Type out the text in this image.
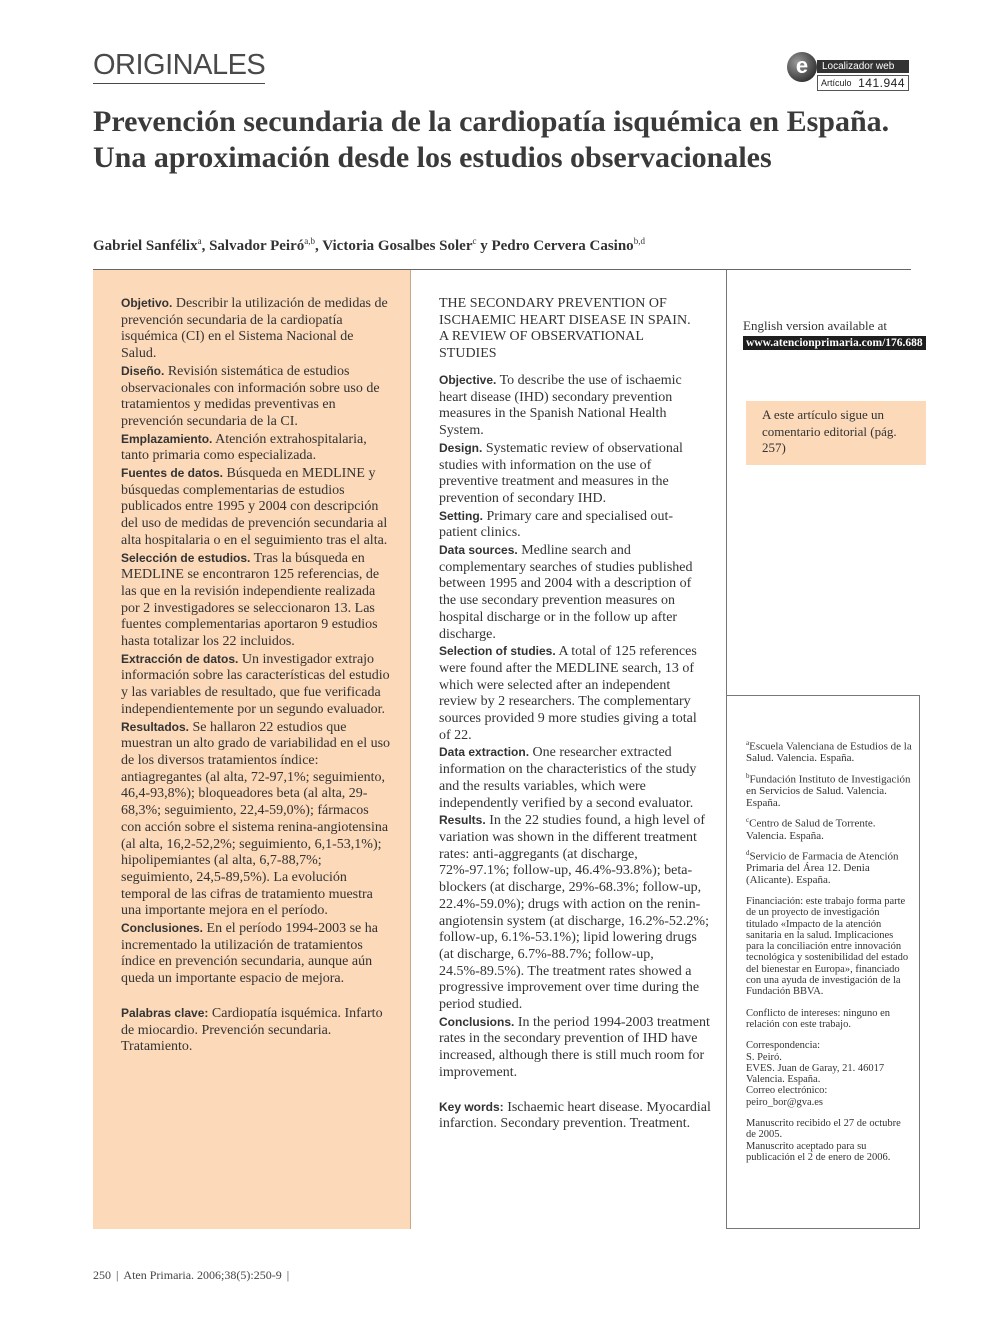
ORIGINALES	e	Localizador web
Artículo 141.944
Prevención secundaria de la cardiopatía isquémica en España. Una aproximación desde los estudios observacionales
Gabriel Sanfélix$^a$, Salvador Peiró$^{a,b}$, Victoria Gosalbes Soler$^c$ y Pedro Cervera Casino$^{b,d}$

Objetivo. Describir la utilización de medidas de prevención secundaria de la cardiopatía isquémica (CI) en el Sistema Nacional de Salud.

Diseño. Revisión sistemática de estudios observacionales con información sobre uso de tratamientos y medidas preventivas en prevención secundaria de la CI.

Emplazamiento. Atención extrahospitalaria, tanto primaria como especializada.

Fuentes de datos. Búsqueda en MEDLINE y búsquedas complementarias de estudios publicados entre 1995 y 2004 con descripción del uso de medidas de prevención secundaria al alta hospitalaria o en el seguimiento tras el alta.

Selección de estudios. Tras la búsqueda en MEDLINE se encontraron 125 referencias, de las que en la revisión independiente realizada por 2 investigadores se seleccionaron 13. Las fuentes complementarias aportaron 9 estudios hasta totalizar los 22 incluidos.

Extracción de datos. Un investigador extrajo información sobre las características del estudio y las variables de resultado, que fue verificada independientemente por un segundo evaluador.

Resultados. Se hallaron 22 estudios que muestran un alto grado de variabilidad en el uso de los diversos tratamientos índice: antiagregantes (al alta, 72-97,1%; seguimiento, 46,4-93,8%); bloqueadores beta (al alta, 29-68,3%; seguimiento, 22,4-59,0%); fármacos con acción sobre el sistema renina-angiotensina (al alta, 16,2-52,2%; seguimiento, 6,1-53,1%); hipolipemiantes (al alta, 6,7-88,7%; seguimiento, 24,5-89,5%). La evolución temporal de las cifras de tratamiento muestra una importante mejora en el período.

Conclusiones. En el período 1994-2003 se ha incrementado la utilización de tratamientos índice en prevención secundaria, aunque aún queda un importante espacio de mejora.

Palabras clave: Cardiopatía isquémica. Infarto de miocardio. Prevención secundaria. Tratamiento.

THE SECONDARY PREVENTION OF ISCHAEMIC HEART DISEASE IN SPAIN. A REVIEW OF OBSERVATIONAL STUDIES

Objective. To describe the use of ischaemic heart disease (IHD) secondary prevention measures in the Spanish National Health System.

Design. Systematic review of observational studies with information on the use of preventive treatment and measures in the prevention of secondary IHD.

Setting. Primary care and specialised out-patient clinics.

Data sources. Medline search and complementary searches of studies published between 1995 and 2004 with a description of the use secondary prevention measures on hospital discharge or in the follow up after discharge.

Selection of studies. A total of 125 references were found after the MEDLINE search, 13 of which were selected after an independent review by 2 researchers. The complementary sources provided 9 more studies giving a total of 22.

Data extraction. One researcher extracted information on the characteristics of the study and the results variables, which were independently verified by a second evaluator.

Results. In the 22 studies found, a high level of variation was shown in the different treatment rates: anti-aggregants (at discharge, 72%-97.1%; follow-up, 46.4%-93.8%); beta-blockers (at discharge, 29%-68.3%; follow-up, 22.4%-59.0%); drugs with action on the renin-angiotensin system (at discharge, 16.2%-52.2%; follow-up, 6.1%-53.1%); lipid lowering drugs (at discharge, 6.7%-88.7%; follow-up, 24.5%-89.5%). The treatment rates showed a progressive improvement over time during the period studied.

Conclusions. In the period 1994-2003 treatment rates in the secondary prevention of IHD have increased, although there is still much room for improvement.

Key words: Ischaemic heart disease. Myocardial infarction. Secondary prevention. Treatment.

English version available at
www.atencionprimaria.com/176.688
A este artículo sigue un comentario editorial (pág. 257)

$^a$Escuela Valenciana de Estudios de la Salud. Valencia. España.

$^b$Fundación Instituto de Investigación en Servicios de Salud. Valencia. España.

$^c$Centro de Salud de Torrente. Valencia. España.

$^d$Servicio de Farmacia de Atención Primaria del Área 12. Denia (Alicante). España.

Financiación: este trabajo forma parte de un proyecto de investigación titulado «Impacto de la atención sanitaria en la salud. Implicaciones para la conciliación entre innovación tecnológica y sostenibilidad del estado del bienestar en Europa», financiado con una ayuda de investigación de la Fundación BBVA.

Conflicto de intereses: ninguno en relación con este trabajo.

Correspondencia:
S. Peiró.
EVES. Juan de Garay, 21. 46017
Valencia. España.
Correo electrónico:
peiro_bor@gva.es

Manuscrito recibido el 27 de octubre de 2005.
Manuscrito aceptado para su publicación el 2 de enero de 2006.

250 | Aten Primaria. 2006;38(5):250-9 |
